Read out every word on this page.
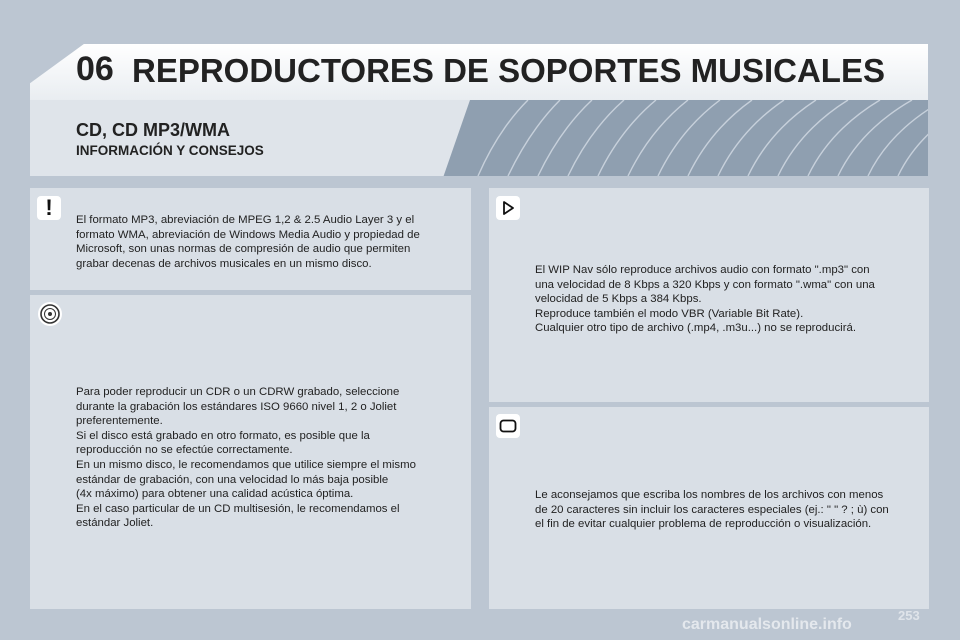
06 REPRODUCTORES DE SOPORTES MUSICALES
CD, CD MP3/WMA
INFORMACIÓN Y CONSEJOS
! El formato MP3, abreviación de MPEG 1,2 & 2.5 Audio Layer 3 y el
formato WMA, abreviación de Windows Media Audio y propiedad de
Microsoft, son unas normas de compresión de audio que permiten
grabar decenas de archivos musicales en un mismo disco.
Para poder reproducir un CDR o un CDRW grabado, seleccione
durante la grabación los estándares ISO 9660 nivel 1, 2 o Joliet
preferentemente.
Si el disco está grabado en otro formato, es posible que la
reproducción no se efectúe correctamente.
En un mismo disco, le recomendamos que utilice siempre el mismo
estándar de grabación, con una velocidad lo más baja posible
(4x máximo) para obtener una calidad acústica óptima.
En el caso particular de un CD multisesión, le recomendamos el
estándar Joliet.
El WIP Nav sólo reproduce archivos audio con formato ".mp3" con
una velocidad de 8 Kbps a 320 Kbps y con formato ".wma" con una
velocidad de 5 Kbps a 384 Kbps.
Reproduce también el modo VBR (Variable Bit Rate).
Cualquier otro tipo de archivo (.mp4, .m3u...) no se reproducirá.
Le aconsejamos que escriba los nombres de los archivos con menos
de 20 caracteres sin incluir los caracteres especiales (ej.: " " ? ; ù) con
el fin de evitar cualquier problema de reproducción o visualización.
carmanualsonline.info
253
